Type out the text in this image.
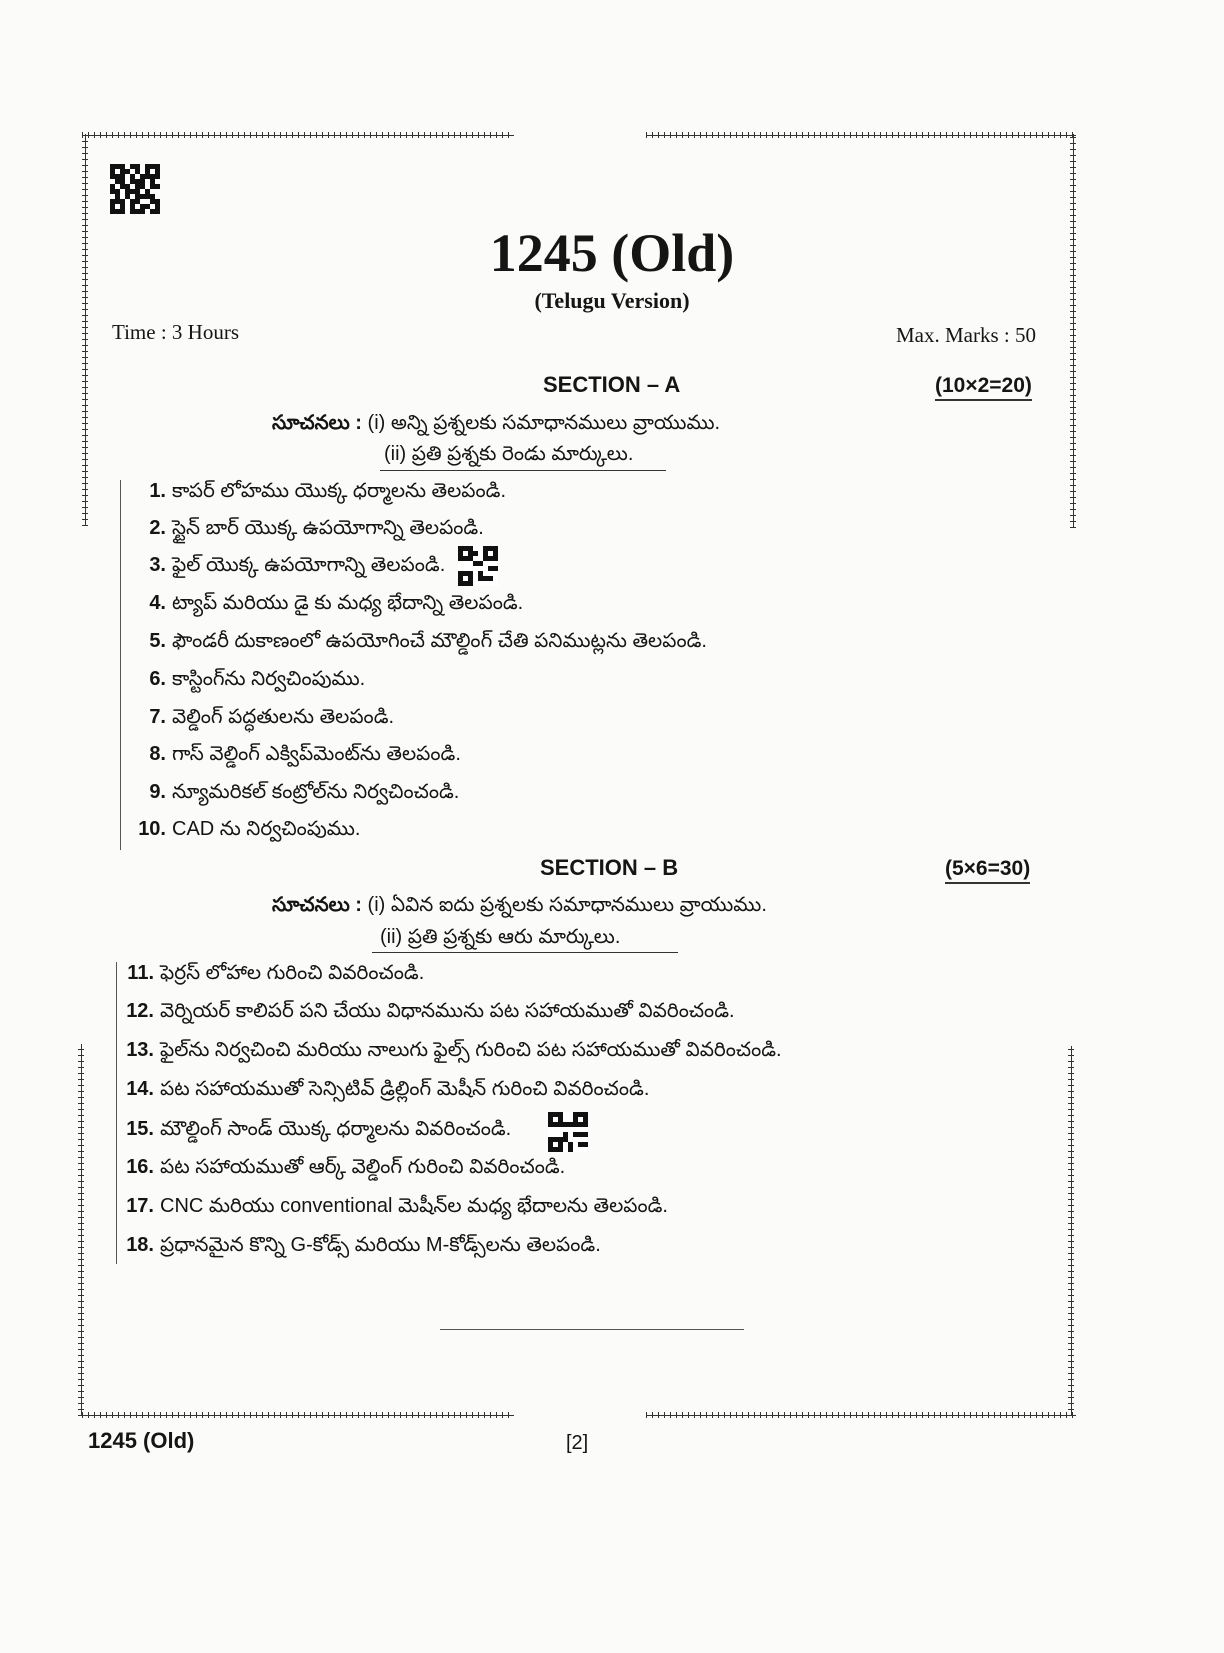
1245 (Old)
(Telugu Version)
Time : 3 Hours	Max. Marks : 50
SECTION – A	(10×2=20)
సూచనలు : (i) అన్ని ప్రశ్నలకు సమాధానములు వ్రాయుము.
(ii) ప్రతి ప్రశ్నకు రెండు మార్కులు.
1. కాపర్ లోహము యొక్క ధర్మాలను తెలపండి.
2. స్టైన్ బార్ యొక్క ఉపయోగాన్ని తెలపండి.
3. ఫైల్ యొక్క ఉపయోగాన్ని తెలపండి.
4. ట్యాప్ మరియు డై కు మధ్య భేదాన్ని తెలపండి.
5. ఫౌండరీ దుకాణంలో ఉపయోగించే మౌల్డింగ్ చేతి పనిముట్లను తెలపండి.
6. కాస్టింగ్‌ను నిర్వచింపుము.
7. వెల్డింగ్ పద్ధతులను తెలపండి.
8. గాస్ వెల్డింగ్ ఎక్విప్‌మెంట్‌ను తెలపండి.
9. న్యూమరికల్ కంట్రోల్‌ను నిర్వచించండి.
10. CAD ను నిర్వచింపుము.
SECTION – B	(5×6=30)
సూచనలు : (i) ఏవిన ఐదు ప్రశ్నలకు సమాధానములు వ్రాయుము.
(ii) ప్రతి ప్రశ్నకు ఆరు మార్కులు.
11. ఫెర్రస్ లోహాల గురించి వివరించండి.
12. వెర్నియర్ కాలిపర్ పని చేయు విధానమును పట సహాయముతో వివరించండి.
13. ఫైల్‌ను నిర్వచించి మరియు నాలుగు ఫైల్స్ గురించి పట సహాయముతో వివరించండి.
14. పట సహాయముతో సెన్సిటివ్ డ్రిల్లింగ్ మెషీన్ గురించి వివరించండి.
15. మౌల్డింగ్ సాండ్ యొక్క ధర్మాలను వివరించండి.
16. పట సహాయముతో ఆర్క్ వెల్డింగ్ గురించి వివరించండి.
17. CNC మరియు conventional మెషీన్‌ల మధ్య భేదాలను తెలపండి.
18. ప్రధానమైన కొన్ని G-కోడ్స్ మరియు M-కోడ్స్‌లను తెలపండి.
1245 (Old)	[2]
